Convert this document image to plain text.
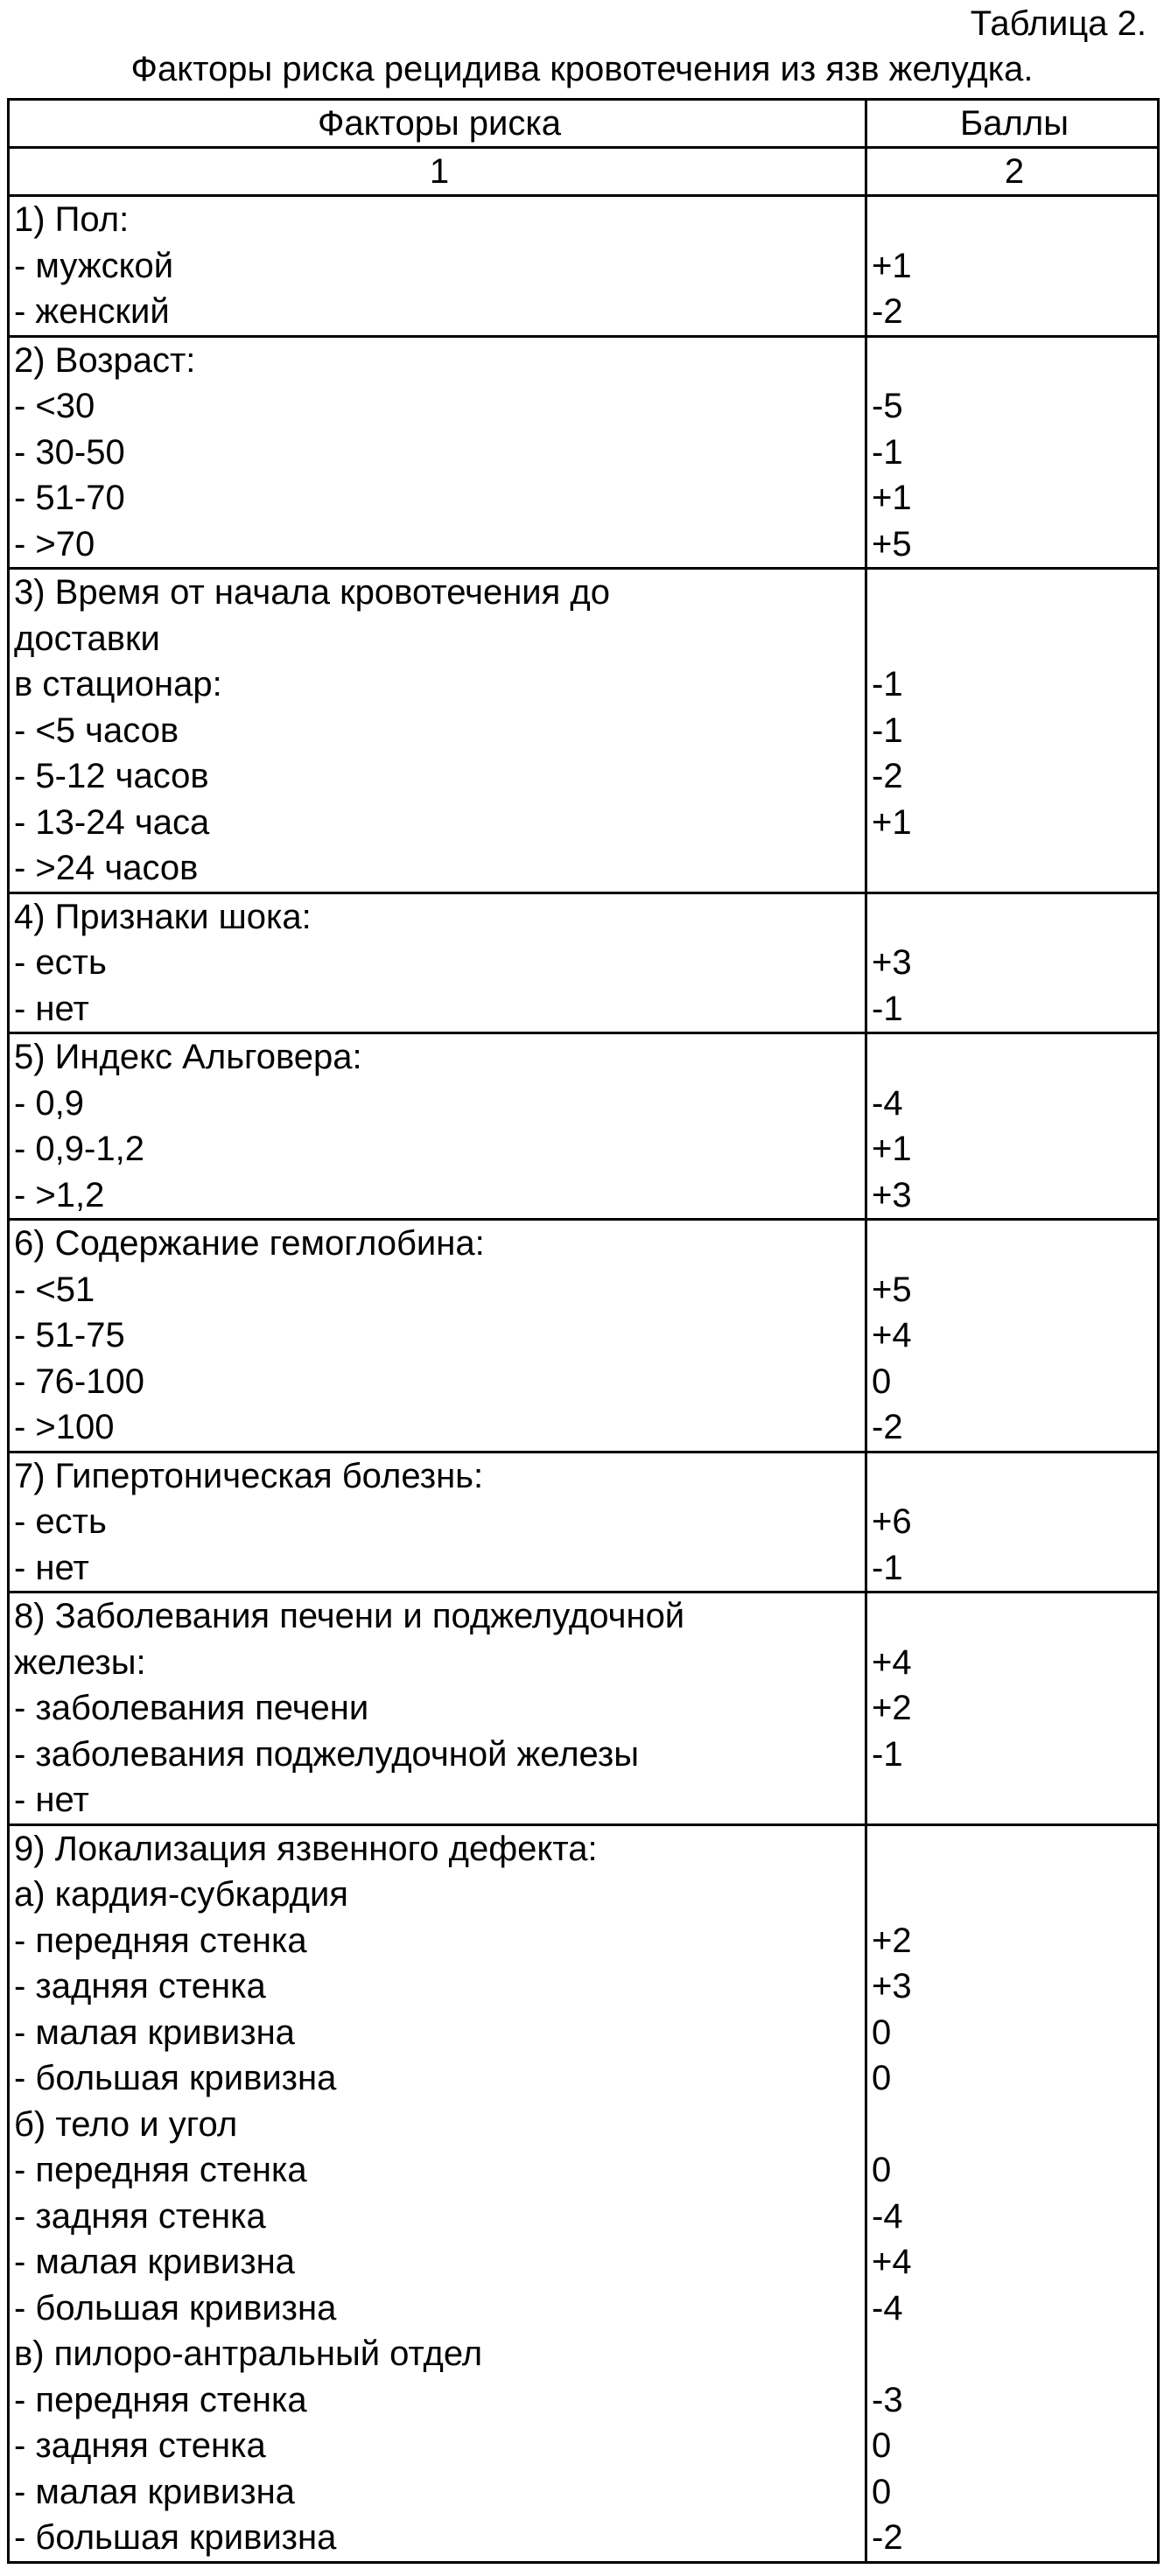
Таблица 2.
Факторы риска рецидива кровотечения из язв желудка.
Факторы риска	Баллы
1	2

1) Пол:
- мужской
- женский

+1
-2

2) Возраст:
- <30
- 30-50
- 51-70
- >70

-5
-1
+1
+5

3) Время от начала кровотечения до
доставки
в стационар:
- <5 часов
- 5-12 часов
- 13-24 часа
- >24 часов

-1
-1
-2
+1

4) Признаки шока:
- есть
- нет

+3
-1

5) Индекс Альговера:
- 0,9
- 0,9-1,2
- >1,2

-4
+1
+3

6) Содержание гемоглобина:
- <51
- 51-75
- 76-100
- >100

+5
+4
0
-2

7) Гипертоническая болезнь:
- есть
- нет

+6
-1

8) Заболевания печени и поджелудочной
железы:
- заболевания печени
- заболевания поджелудочной железы
- нет

+4
+2
-1

9) Локализация язвенного дефекта:
а) кардия-субкардия
- передняя стенка
- задняя стенка
- малая кривизна
- большая кривизна
б) тело и угол
- передняя стенка
- задняя стенка
- малая кривизна
- большая кривизна
в) пилоро-антральный отдел
- передняя стенка
- задняя стенка
- малая кривизна
- большая кривизна

+2
+3
0
0
0
-4
+4
-4
-3
0
0
-2
